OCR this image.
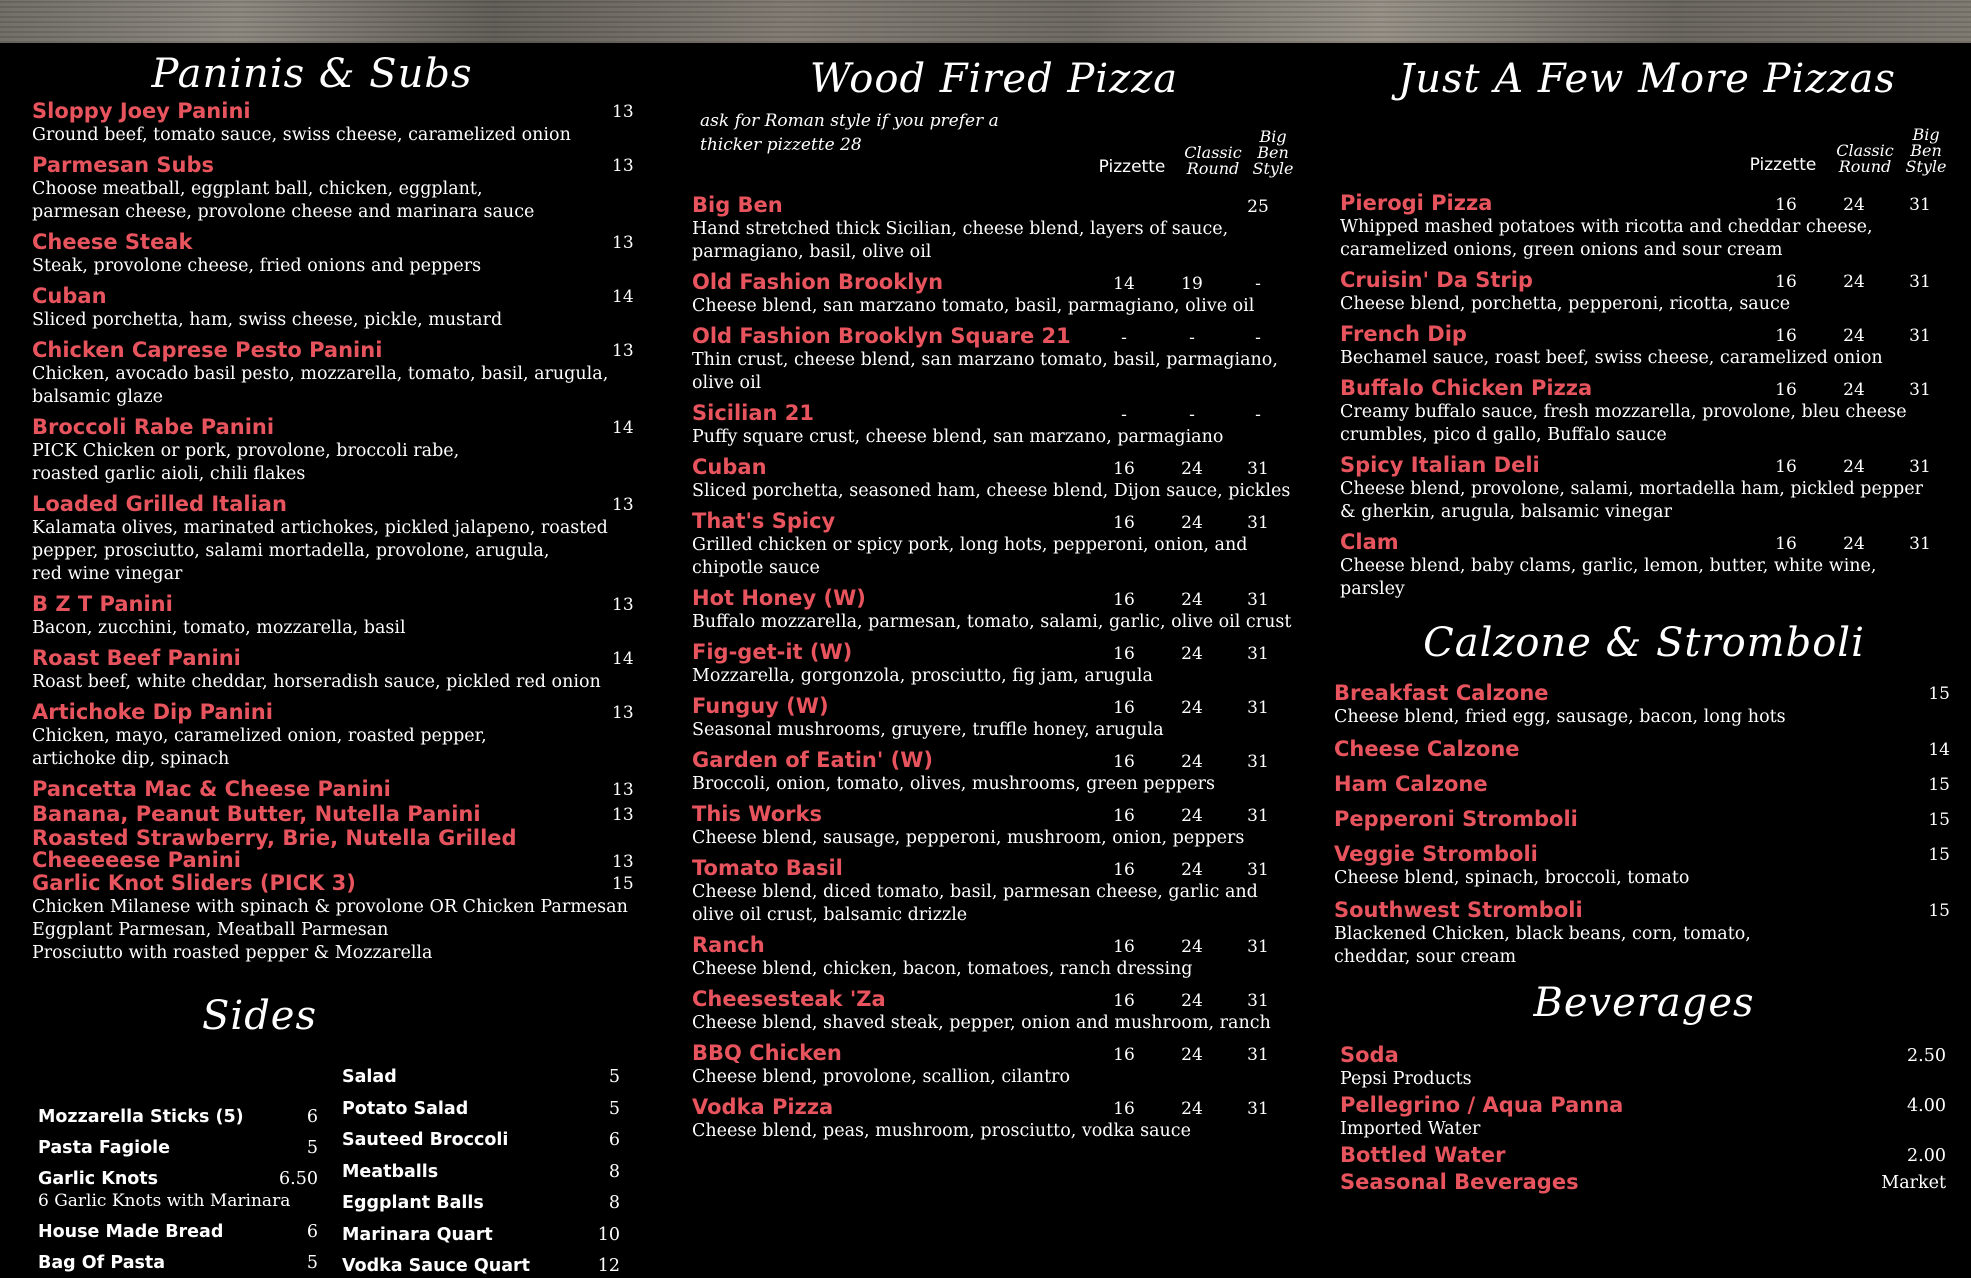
Paninis & Subs
Sloppy Joey Panini	13
Ground beef, tomato sauce, swiss cheese, caramelized onion
Parmesan Subs	13
Choose meatball, eggplant ball, chicken, eggplant,
parmesan cheese, provolone cheese and marinara sauce
Cheese Steak	13
Steak, provolone cheese, fried onions and peppers
Cuban	14
Sliced porchetta, ham, swiss cheese, pickle, mustard
Chicken Caprese Pesto Panini	13
Chicken, avocado basil pesto, mozzarella, tomato, basil, arugula,
balsamic glaze
Broccoli Rabe Panini	14
PICK Chicken or pork, provolone, broccoli rabe,
roasted garlic aioli, chili flakes
Loaded Grilled Italian	13
Kalamata olives, marinated artichokes, pickled jalapeno, roasted
pepper, prosciutto, salami mortadella, provolone, arugula,
red wine vinegar
B Z T Panini	13
Bacon, zucchini, tomato, mozzarella, basil
Roast Beef Panini	14
Roast beef, white cheddar, horseradish sauce, pickled red onion
Artichoke Dip Panini	13
Chicken, mayo, caramelized onion, roasted pepper,
artichoke dip, spinach
Pancetta Mac & Cheese Panini	13
Banana, Peanut Butter, Nutella Panini	13
Roasted Strawberry, Brie, Nutella Grilled Cheeeeese Panini	13
Garlic Knot Sliders (PICK 3)	15
Chicken Milanese with spinach & provolone OR Chicken Parmesan
Eggplant Parmesan, Meatball Parmesan
Prosciutto with roasted pepper & Mozzarella
Sides
Mozzarella Sticks (5)	6
Pasta Fagiole	5
Garlic Knots	6.50
6 Garlic Knots with Marinara
House Made Bread	6
Bag Of Pasta	5
Salad	5
Potato Salad	5
Sauteed Broccoli	6
Meatballs	8
Eggplant Balls	8
Marinara Quart	10
Vodka Sauce Quart	12
Wood Fired Pizza
ask for Roman style if you prefer a thicker pizzette 28
Pizzette
Classic Round
Big Ben Style
Big Ben	25
Hand stretched thick Sicilian, cheese blend, layers of sauce,
parmagiano, basil, olive oil
Old Fashion Brooklyn	14	19	-
Cheese blend, san marzano tomato, basil, parmagiano, olive oil
Old Fashion Brooklyn Square 21	-	-	-
Thin crust, cheese blend, san marzano tomato, basil, parmagiano,
olive oil
Sicilian 21	-	-	-
Puffy square crust, cheese blend, san marzano, parmagiano
Cuban	16	24	31
Sliced porchetta, seasoned ham, cheese blend, Dijon sauce, pickles
That's Spicy	16	24	31
Grilled chicken or spicy pork, long hots, pepperoni, onion, and
chipotle sauce
Hot Honey (W)	16	24	31
Buffalo mozzarella, parmesan, tomato, salami, garlic, olive oil crust
Fig-get-it (W)	16	24	31
Mozzarella, gorgonzola, prosciutto, fig jam, arugula
Funguy (W)	16	24	31
Seasonal mushrooms, gruyere, truffle honey, arugula
Garden of Eatin' (W)	16	24	31
Broccoli, onion, tomato, olives, mushrooms, green peppers
This Works	16	24	31
Cheese blend, sausage, pepperoni, mushroom, onion, peppers
Tomato Basil	16	24	31
Cheese blend, diced tomato, basil, parmesan cheese, garlic and
olive oil crust, balsamic drizzle
Ranch	16	24	31
Cheese blend, chicken, bacon, tomatoes, ranch dressing
Cheesesteak 'Za	16	24	31
Cheese blend, shaved steak, pepper, onion and mushroom, ranch
BBQ Chicken	16	24	31
Cheese blend, provolone, scallion, cilantro
Vodka Pizza	16	24	31
Cheese blend, peas, mushroom, prosciutto, vodka sauce
Just A Few More Pizzas
Pizzette
Classic Round
Big Ben Style
Pierogi Pizza	16	24	31
Whipped mashed potatoes with ricotta and cheddar cheese,
caramelized onions, green onions and sour cream
Cruisin' Da Strip	16	24	31
Cheese blend, porchetta, pepperoni, ricotta, sauce
French Dip	16	24	31
Bechamel sauce, roast beef, swiss cheese, caramelized onion
Buffalo Chicken Pizza	16	24	31
Creamy buffalo sauce, fresh mozzarella, provolone, bleu cheese
crumbles, pico d gallo, Buffalo sauce
Spicy Italian Deli	16	24	31
Cheese blend, provolone, salami, mortadella ham, pickled pepper
& gherkin, arugula, balsamic vinegar
Clam	16	24	31
Cheese blend, baby clams, garlic, lemon, butter, white wine,
parsley
Calzone & Stromboli
Breakfast Calzone	15
Cheese blend, fried egg, sausage, bacon, long hots
Cheese Calzone	14
Ham Calzone	15
Pepperoni Stromboli	15
Veggie Stromboli	15
Cheese blend, spinach, broccoli, tomato
Southwest Stromboli	15
Blackened Chicken, black beans, corn, tomato,
cheddar, sour cream
Beverages
Soda	2.50
Pepsi Products
Pellegrino / Aqua Panna	4.00
Imported Water
Bottled Water	2.00
Seasonal Beverages	Market
